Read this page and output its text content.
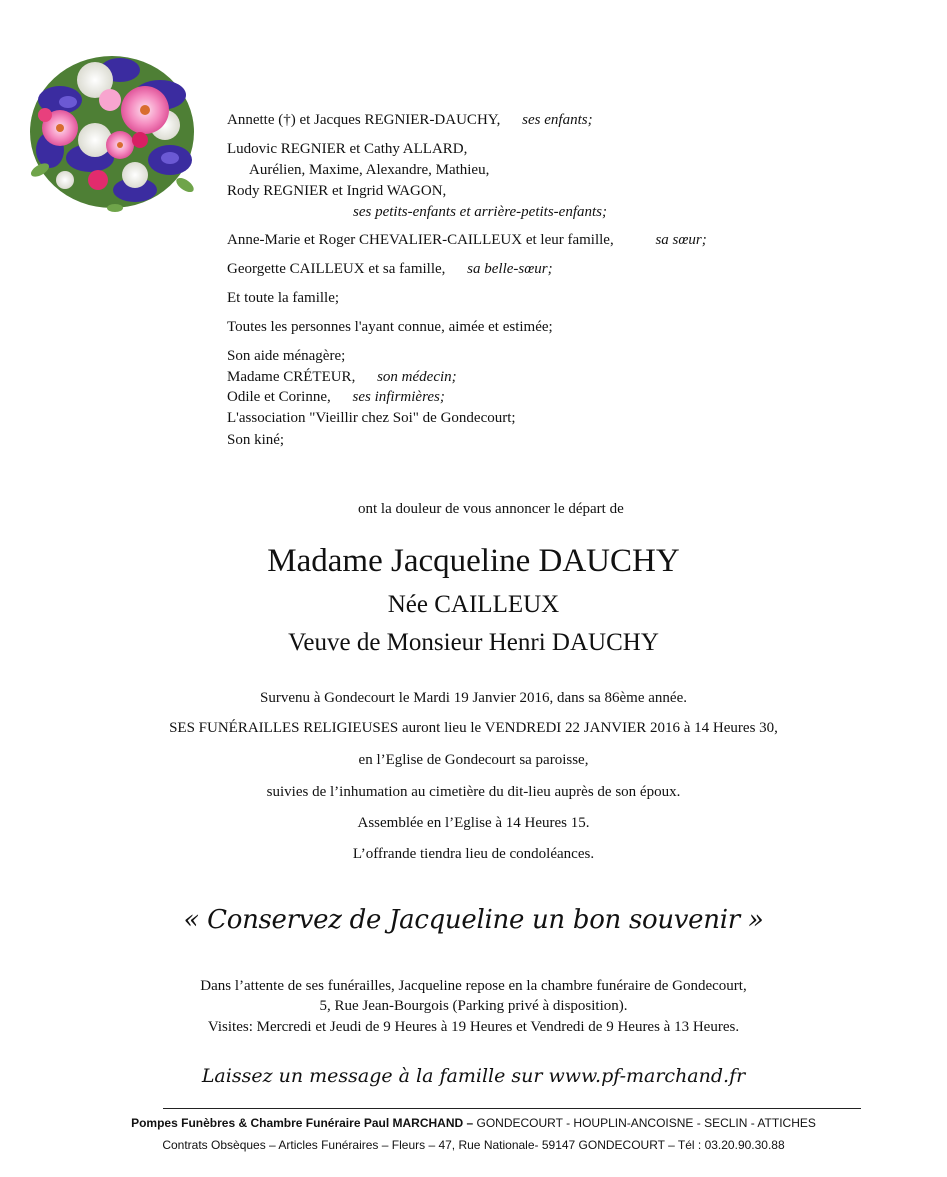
Annette (†) et Jacques REGNIER-DAUCHY, ses enfants;
Ludovic REGNIER et Cathy ALLARD,
Aurélien, Maxime, Alexandre, Mathieu,
Rody REGNIER et Ingrid WAGON,
ses petits-enfants et arrière-petits-enfants;
Anne-Marie et Roger CHEVALIER-CAILLEUX et leur famille,	sa sœur;
Georgette CAILLEUX et sa famille, sa belle-sœur;
Et toute la famille;
Toutes les personnes l'ayant connue, aimée et estimée;
Son aide ménagère;
Madame CRÉTEUR, son médecin;
Odile et Corinne, ses infirmières;
L'association "Vieillir chez Soi" de Gondecourt;
Son kiné;
ont la douleur de vous annoncer le départ de
Madame Jacqueline DAUCHY
Née CAILLEUX
Veuve de Monsieur Henri DAUCHY
Survenu à Gondecourt le Mardi 19 Janvier 2016, dans sa 86ème année.
SES FUNÉRAILLES RELIGIEUSES auront lieu le VENDREDI 22 JANVIER 2016 à 14 Heures 30,
en l’Eglise de Gondecourt sa paroisse,
suivies de l’inhumation au cimetière du dit-lieu auprès de son époux.
Assemblée en l’Eglise à 14 Heures 15.
L’offrande tiendra lieu de condoléances.
« Conservez de Jacqueline un bon souvenir »
Dans l’attente de ses funérailles, Jacqueline repose en la chambre funéraire de Gondecourt,
5, Rue Jean-Bourgois (Parking privé à disposition).
Visites: Mercredi et Jeudi de 9 Heures à 19 Heures et Vendredi de 9 Heures à 13 Heures.
Laissez un message à la famille sur www.pf-marchand.fr
Pompes Funèbres & Chambre Funéraire Paul MARCHAND – GONDECOURT - HOUPLIN-ANCOISNE - SECLIN - ATTICHES
Contrats Obsèques – Articles Funéraires – Fleurs – 47, Rue Nationale- 59147 GONDECOURT – Tél : 03.20.90.30.88
